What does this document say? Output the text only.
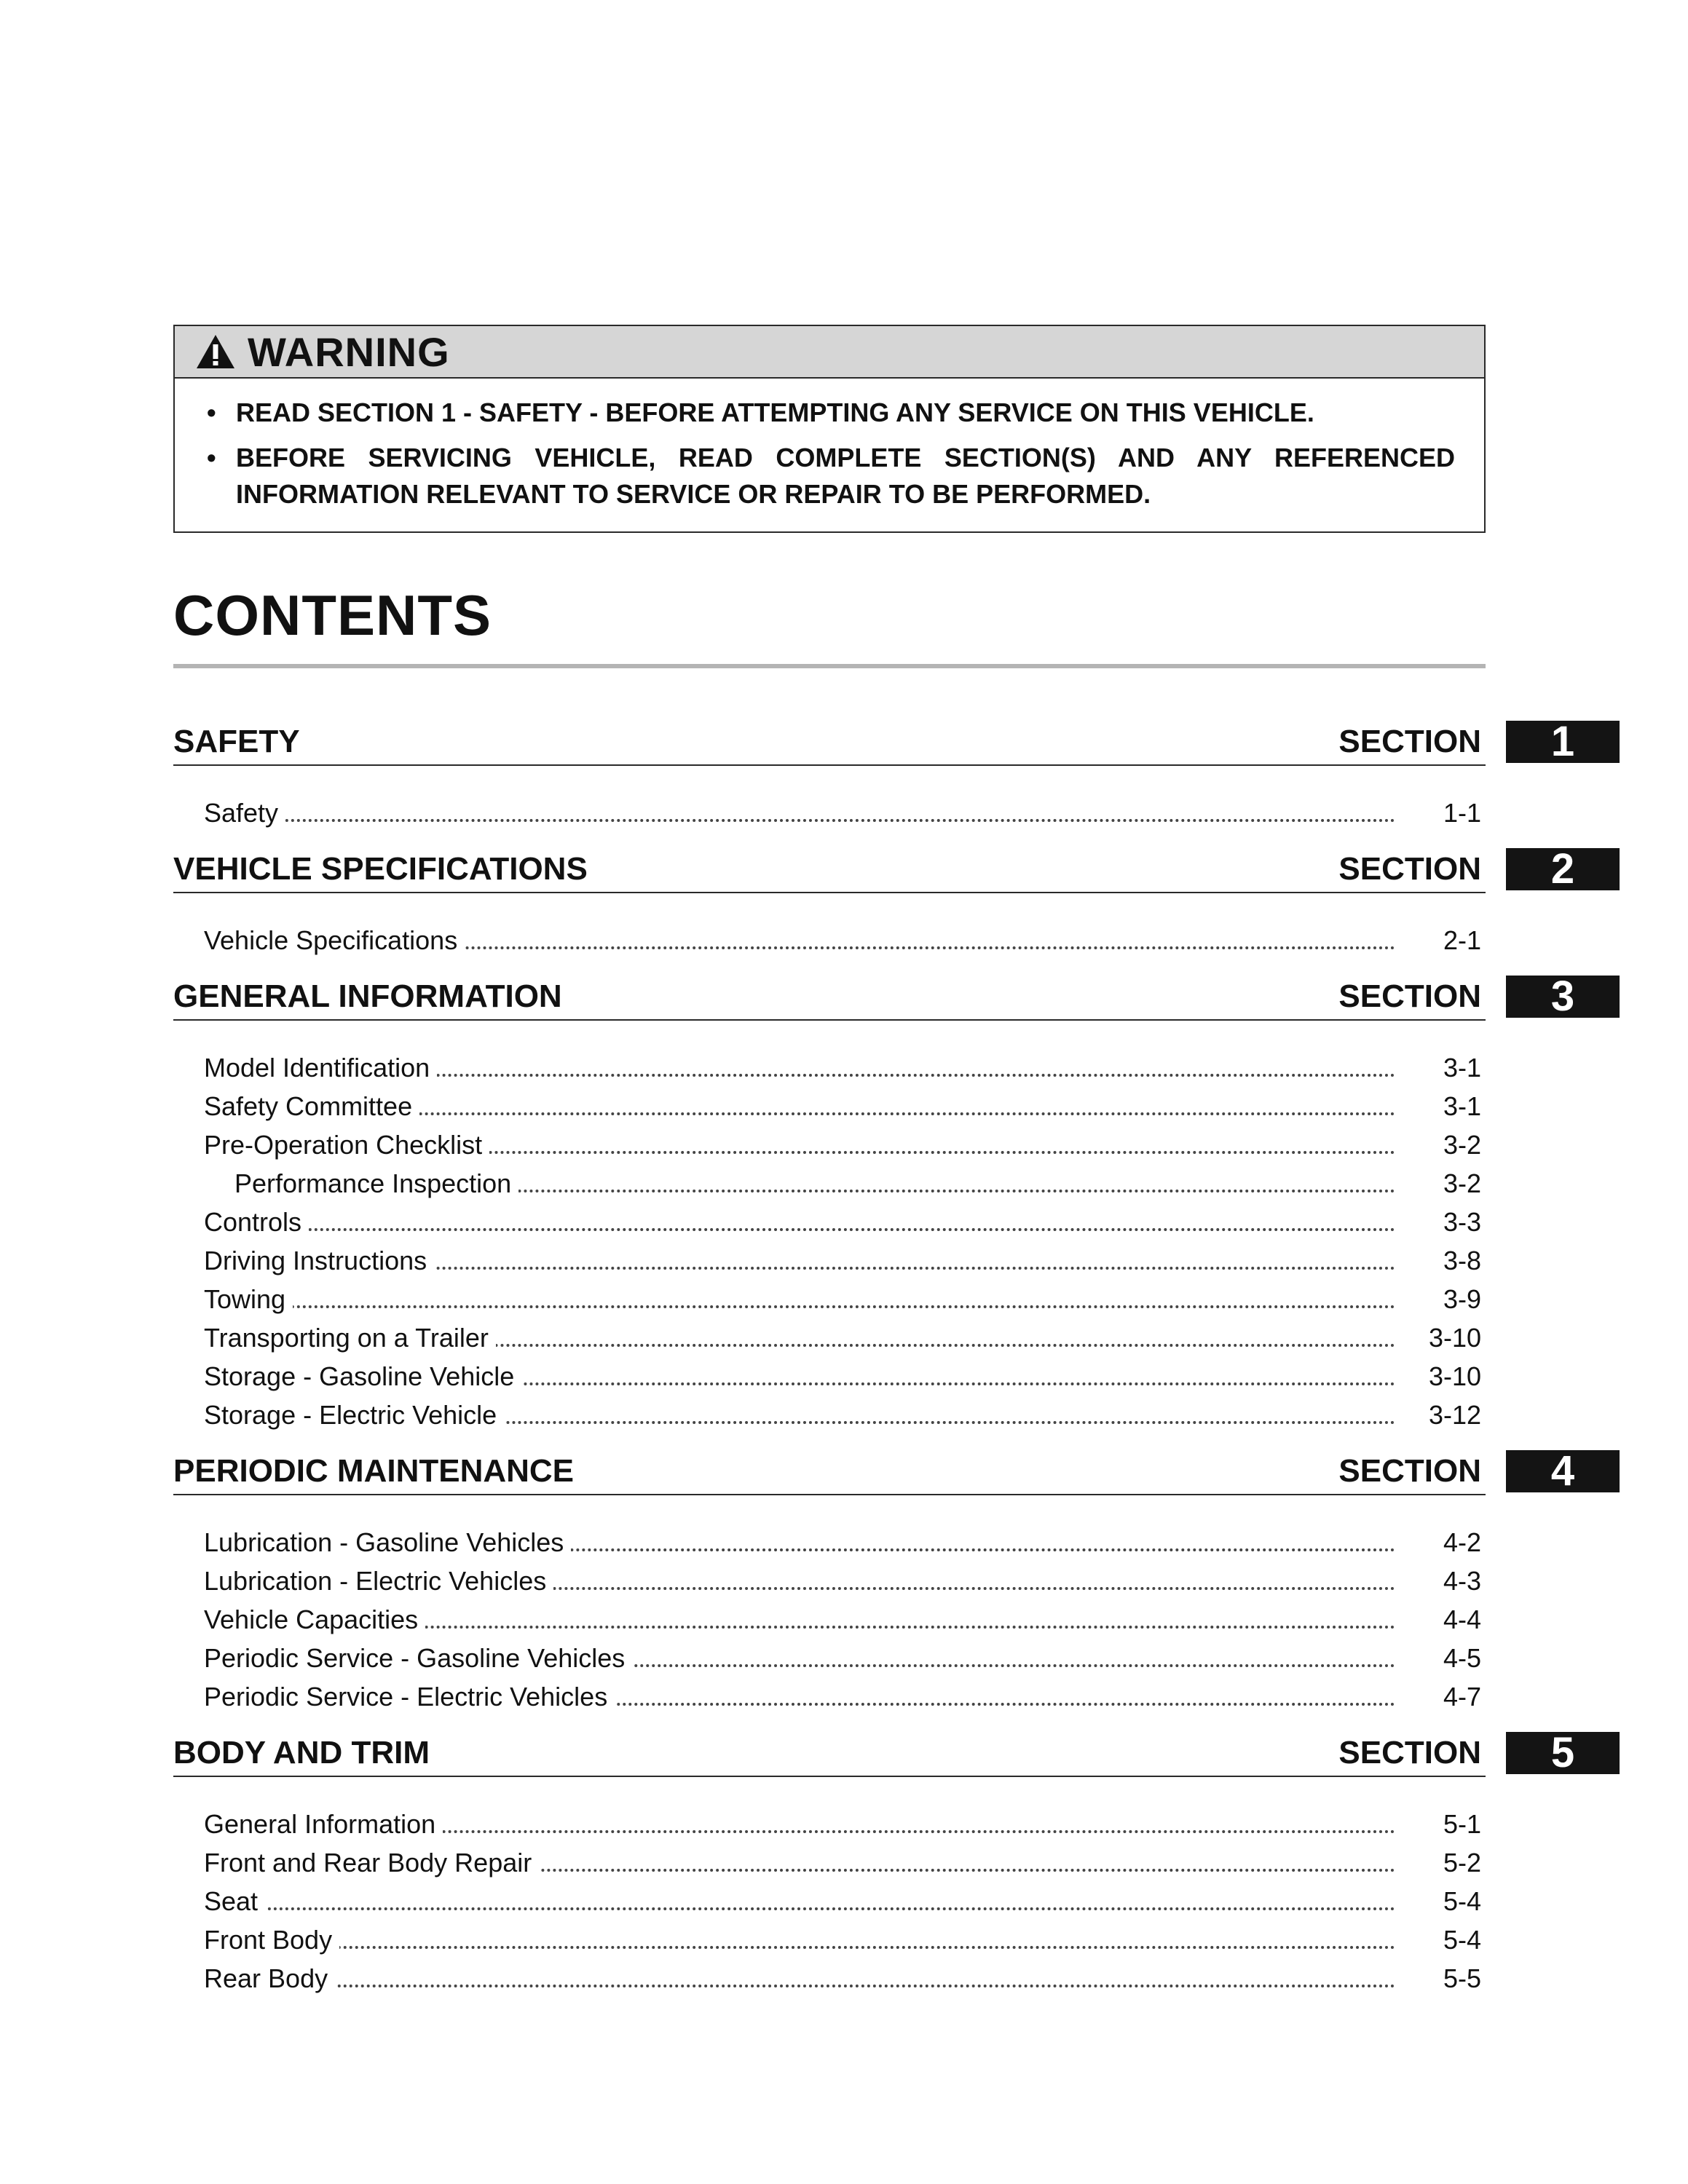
WARNING
• READ SECTION 1 - SAFETY - BEFORE ATTEMPTING ANY SERVICE ON THIS VEHICLE.
• BEFORE SERVICING VEHICLE, READ COMPLETE SECTION(S) AND ANY REFERENCED INFORMATION RELEVANT TO SERVICE OR REPAIR TO BE PERFORMED.
CONTENTS
SAFETY	SECTION	1
Safety	1-1
VEHICLE SPECIFICATIONS	SECTION	2
Vehicle Specifications	2-1
GENERAL INFORMATION	SECTION	3
Model Identification	3-1
Safety Committee	3-1
Pre-Operation Checklist	3-2
Performance Inspection	3-2
Controls	3-3
Driving Instructions	3-8
Towing	3-9
Transporting on a Trailer	3-10
Storage - Gasoline Vehicle	3-10
Storage - Electric Vehicle	3-12
PERIODIC MAINTENANCE	SECTION	4
Lubrication - Gasoline Vehicles	4-2
Lubrication - Electric Vehicles	4-3
Vehicle Capacities	4-4
Periodic Service - Gasoline Vehicles	4-5
Periodic Service - Electric Vehicles	4-7
BODY AND TRIM	SECTION	5
General Information	5-1
Front and Rear Body Repair	5-2
Seat	5-4
Front Body	5-4
Rear Body	5-5
